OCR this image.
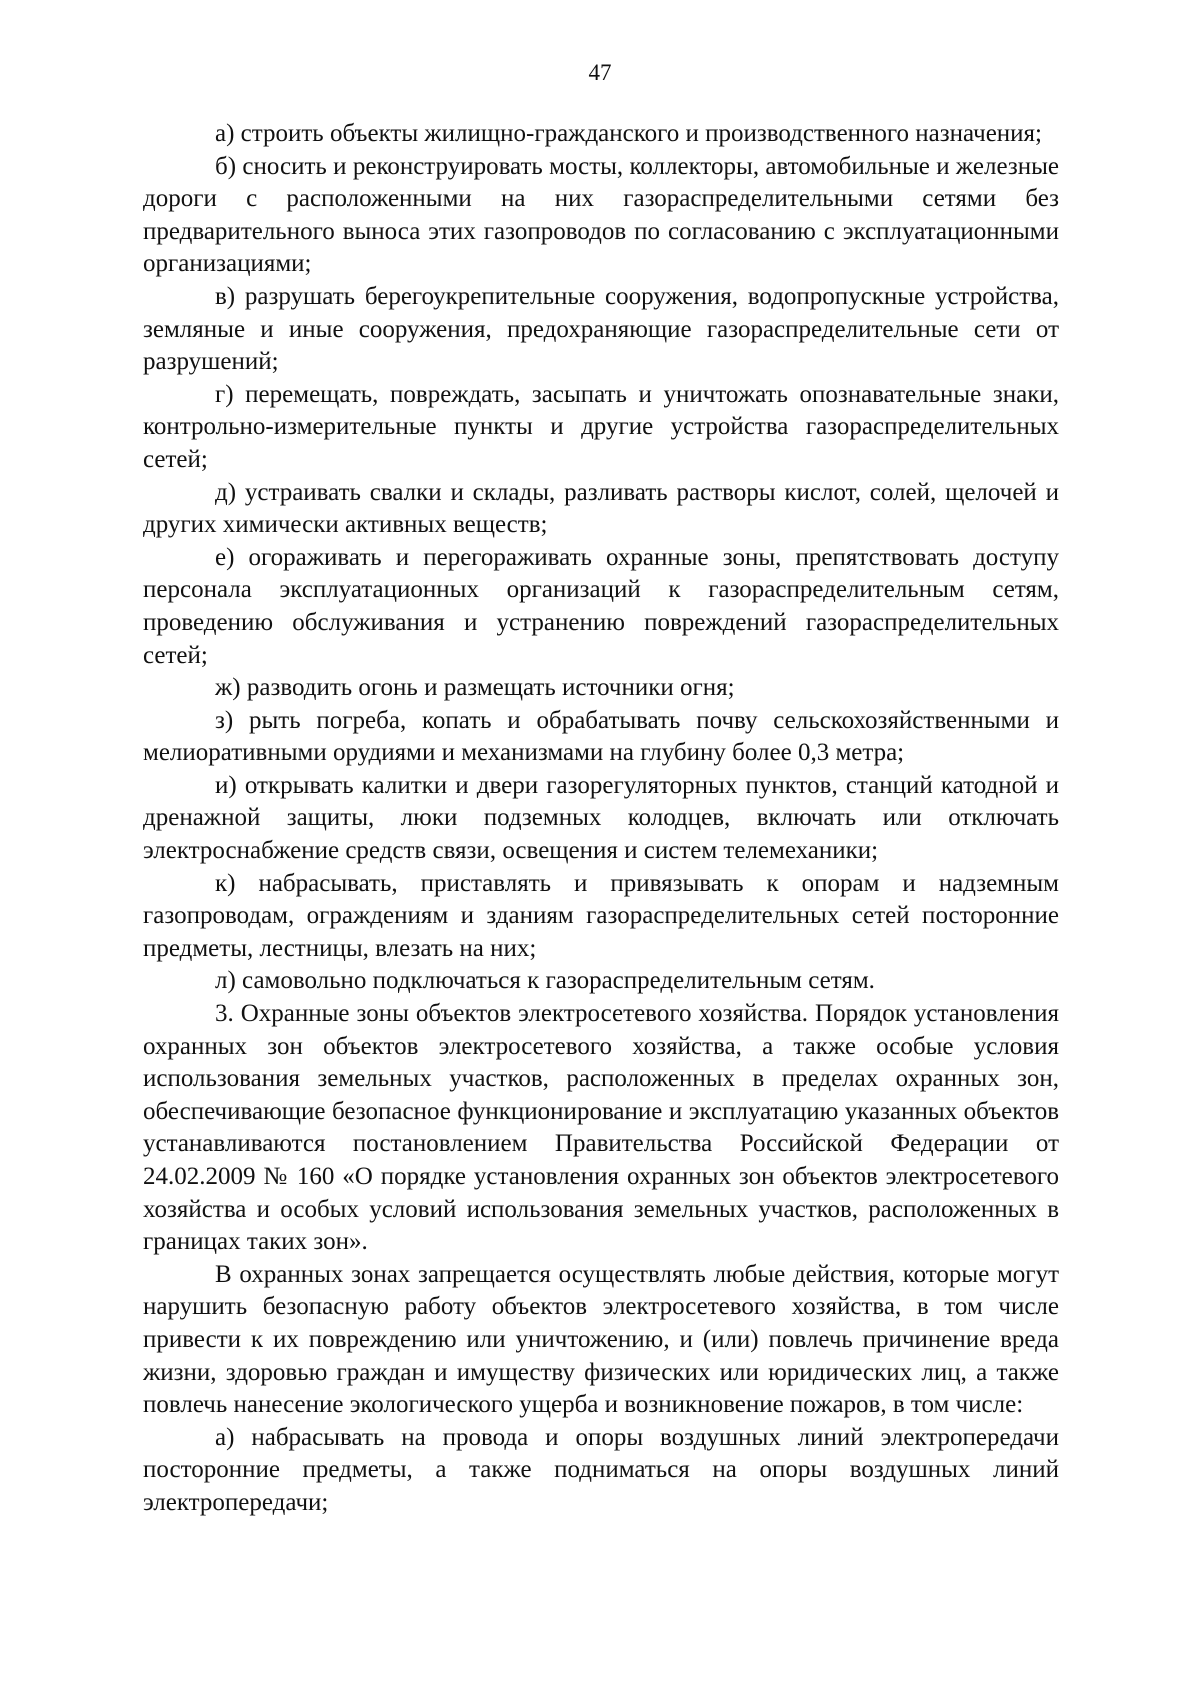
47

а) строить объекты жилищно-гражданского и производственного назначения;

б) сносить и реконструировать мосты, коллекторы, автомобильные и железные дороги с расположенными на них газораспределительными сетями без предварительного выноса этих газопроводов по согласованию с эксплуатационными организациями;

в) разрушать берегоукрепительные сооружения, водопропускные устройства, земляные и иные сооружения, предохраняющие газораспределительные сети от разрушений;

г) перемещать, повреждать, засыпать и уничтожать опознавательные знаки, контрольно-измерительные пункты и другие устройства газораспределительных сетей;

д) устраивать свалки и склады, разливать растворы кислот, солей, щелочей и других химически активных веществ;

е) огораживать и перегораживать охранные зоны, препятствовать доступу персонала эксплуатационных организаций к газораспределительным сетям, проведению обслуживания и устранению повреждений газораспределительных сетей;

ж) разводить огонь и размещать источники огня;

з) рыть погреба, копать и обрабатывать почву сельскохозяйственными и мелиоративными орудиями и механизмами на глубину более 0,3 метра;

и) открывать калитки и двери газорегуляторных пунктов, станций катодной и дренажной защиты, люки подземных колодцев, включать или отключать электроснабжение средств связи, освещения и систем телемеханики;

к) набрасывать, приставлять и привязывать к опорам и надземным газопроводам, ограждениям и зданиям газораспределительных сетей посторонние предметы, лестницы, влезать на них;

л) самовольно подключаться к газораспределительным сетям.

3. Охранные зоны объектов электросетевого хозяйства. Порядок установления охранных зон объектов электросетевого хозяйства, а также особые условия использования земельных участков, расположенных в пределах охранных зон, обеспечивающие безопасное функционирование и эксплуатацию указанных объектов устанавливаются постановлением Правительства Российской Федерации от 24.02.2009 № 160 «О порядке установления охранных зон объектов электросетевого хозяйства и особых условий использования земельных участков, расположенных в границах таких зон».

В охранных зонах запрещается осуществлять любые действия, которые могут нарушить безопасную работу объектов электросетевого хозяйства, в том числе привести к их повреждению или уничтожению, и (или) повлечь причинение вреда жизни, здоровью граждан и имуществу физических или юридических лиц, а также повлечь нанесение экологического ущерба и возникновение пожаров, в том числе:

а) набрасывать на провода и опоры воздушных линий электропередачи посторонние предметы, а также подниматься на опоры воздушных линий электропередачи;
